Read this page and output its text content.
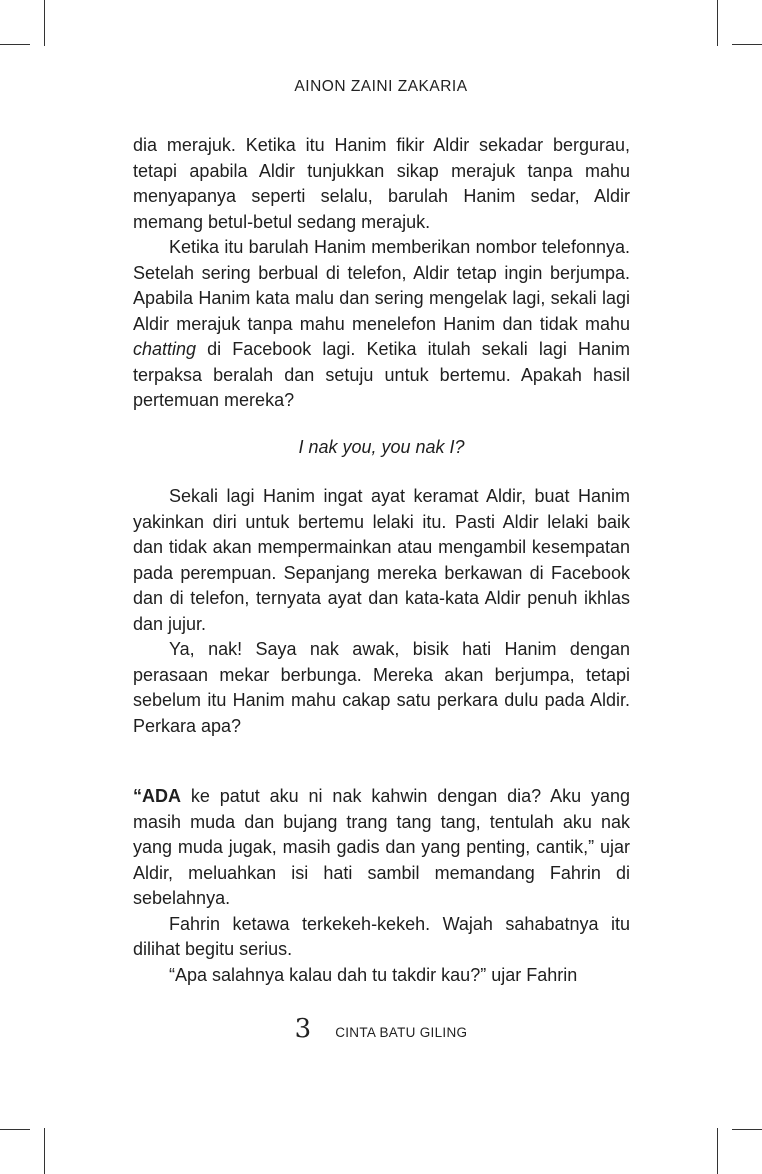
AINON ZAINI ZAKARIA

dia merajuk. Ketika itu Hanim fikir Aldir sekadar bergurau, tetapi apabila Aldir tunjukkan sikap merajuk tanpa mahu menyapanya seperti selalu, barulah Hanim sedar, Aldir memang betul-betul sedang merajuk.

Ketika itu barulah Hanim memberikan nombor telefonnya. Setelah sering berbual di telefon, Aldir tetap ingin berjumpa. Apabila Hanim kata malu dan sering mengelak lagi, sekali lagi Aldir merajuk tanpa mahu menelefon Hanim dan tidak mahu chatting di Facebook lagi. Ketika itulah sekali lagi Hanim terpaksa beralah dan setuju untuk bertemu. Apakah hasil pertemuan mereka?

I nak you, you nak I?

Sekali lagi Hanim ingat ayat keramat Aldir, buat Hanim yakinkan diri untuk bertemu lelaki itu. Pasti Aldir lelaki baik dan tidak akan mempermainkan atau mengambil kesempatan pada perempuan. Sepanjang mereka berkawan di Facebook dan di telefon, ternyata ayat dan kata-kata Aldir penuh ikhlas dan jujur.

Ya, nak! Saya nak awak, bisik hati Hanim dengan perasaan mekar berbunga. Mereka akan berjumpa, tetapi sebelum itu Hanim mahu cakap satu perkara dulu pada Aldir. Perkara apa?

“ADA ke patut aku ni nak kahwin dengan dia? Aku yang masih muda dan bujang trang tang tang, tentulah aku nak yang muda jugak, masih gadis dan yang penting, cantik,” ujar Aldir, meluahkan isi hati sambil memandang Fahrin di sebelahnya.

Fahrin ketawa terkekeh-kekeh. Wajah sahabatnya itu dilihat begitu serius.

“Apa salahnya kalau dah tu takdir kau?” ujar Fahrin

3 CINTA BATU GILING
